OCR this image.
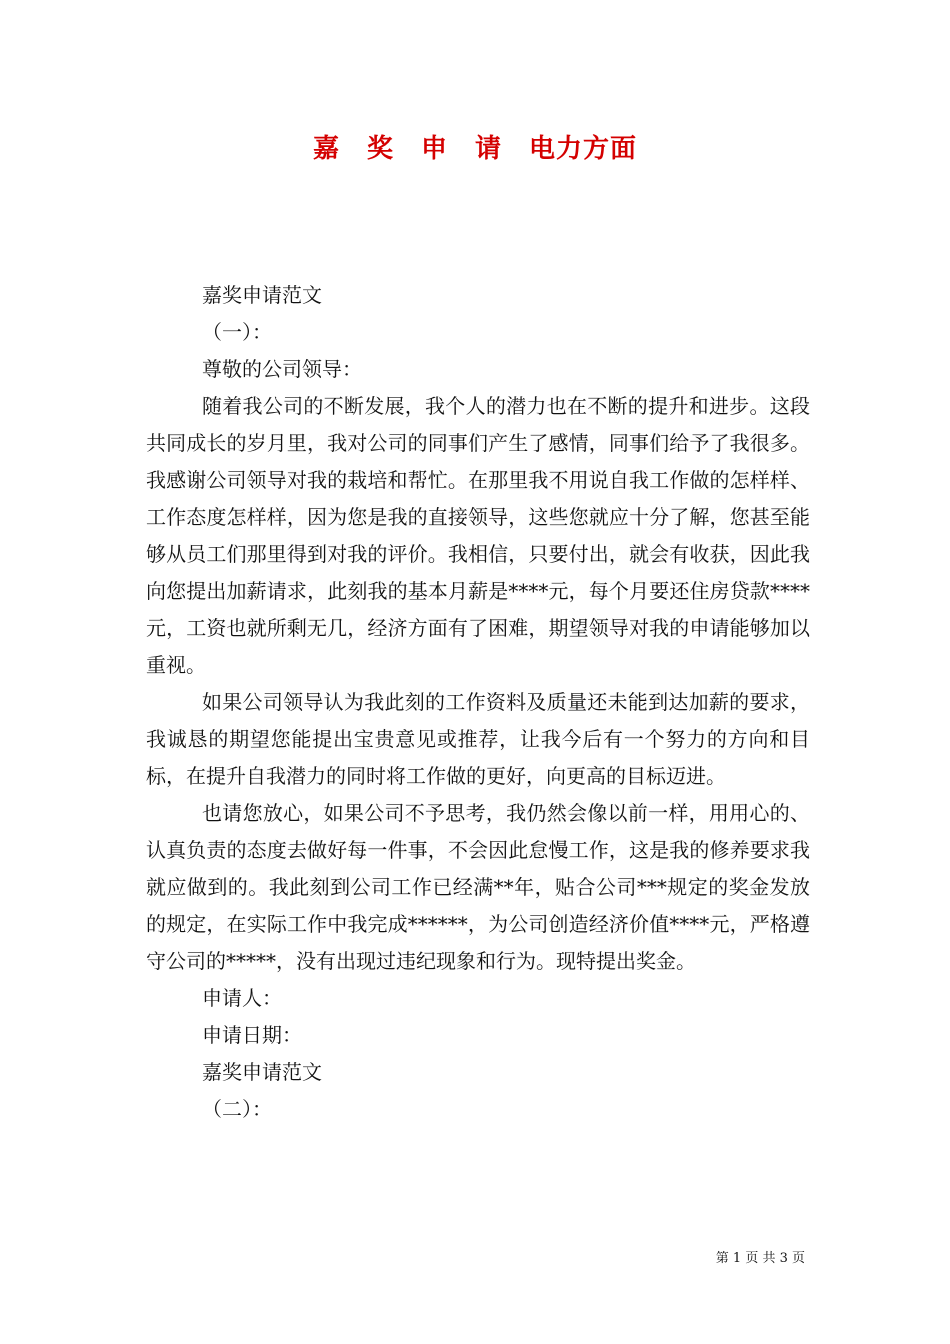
嘉　奖　申　请　电力方面

嘉奖申请范文

（一）：

尊敬的公司领导：

随着我公司的不断发展，我个人的潜力也在不断的提升和进步。这段共同成长的岁月里，我对公司的同事们产生了感情，同事们给予了我很多。我感谢公司领导对我的栽培和帮忙。在那里我不用说自我工作做的怎样样、工作态度怎样样，因为您是我的直接领导，这些您就应十分了解，您甚至能够从员工们那里得到对我的评价。我相信，只要付出，就会有收获，因此我向您提出加薪请求，此刻我的基本月薪是****元，每个月要还住房贷款****元，工资也就所剩无几，经济方面有了困难，期望领导对我的申请能够加以重视。

如果公司领导认为我此刻的工作资料及质量还未能到达加薪的要求，我诚恳的期望您能提出宝贵意见或推荐，让我今后有一个努力的方向和目标，在提升自我潜力的同时将工作做的更好，向更高的目标迈进。

也请您放心，如果公司不予思考，我仍然会像以前一样，用用心的、认真负责的态度去做好每一件事，不会因此怠慢工作，这是我的修养要求我就应做到的。我此刻到公司工作已经满**年，贴合公司***规定的奖金发放的规定，在实际工作中我完成******，为公司创造经济价值****元，严格遵守公司的*****，没有出现过违纪现象和行为。现特提出奖金。

申请人：

申请日期：

嘉奖申请范文

（二）：

第 1 页 共 3 页
